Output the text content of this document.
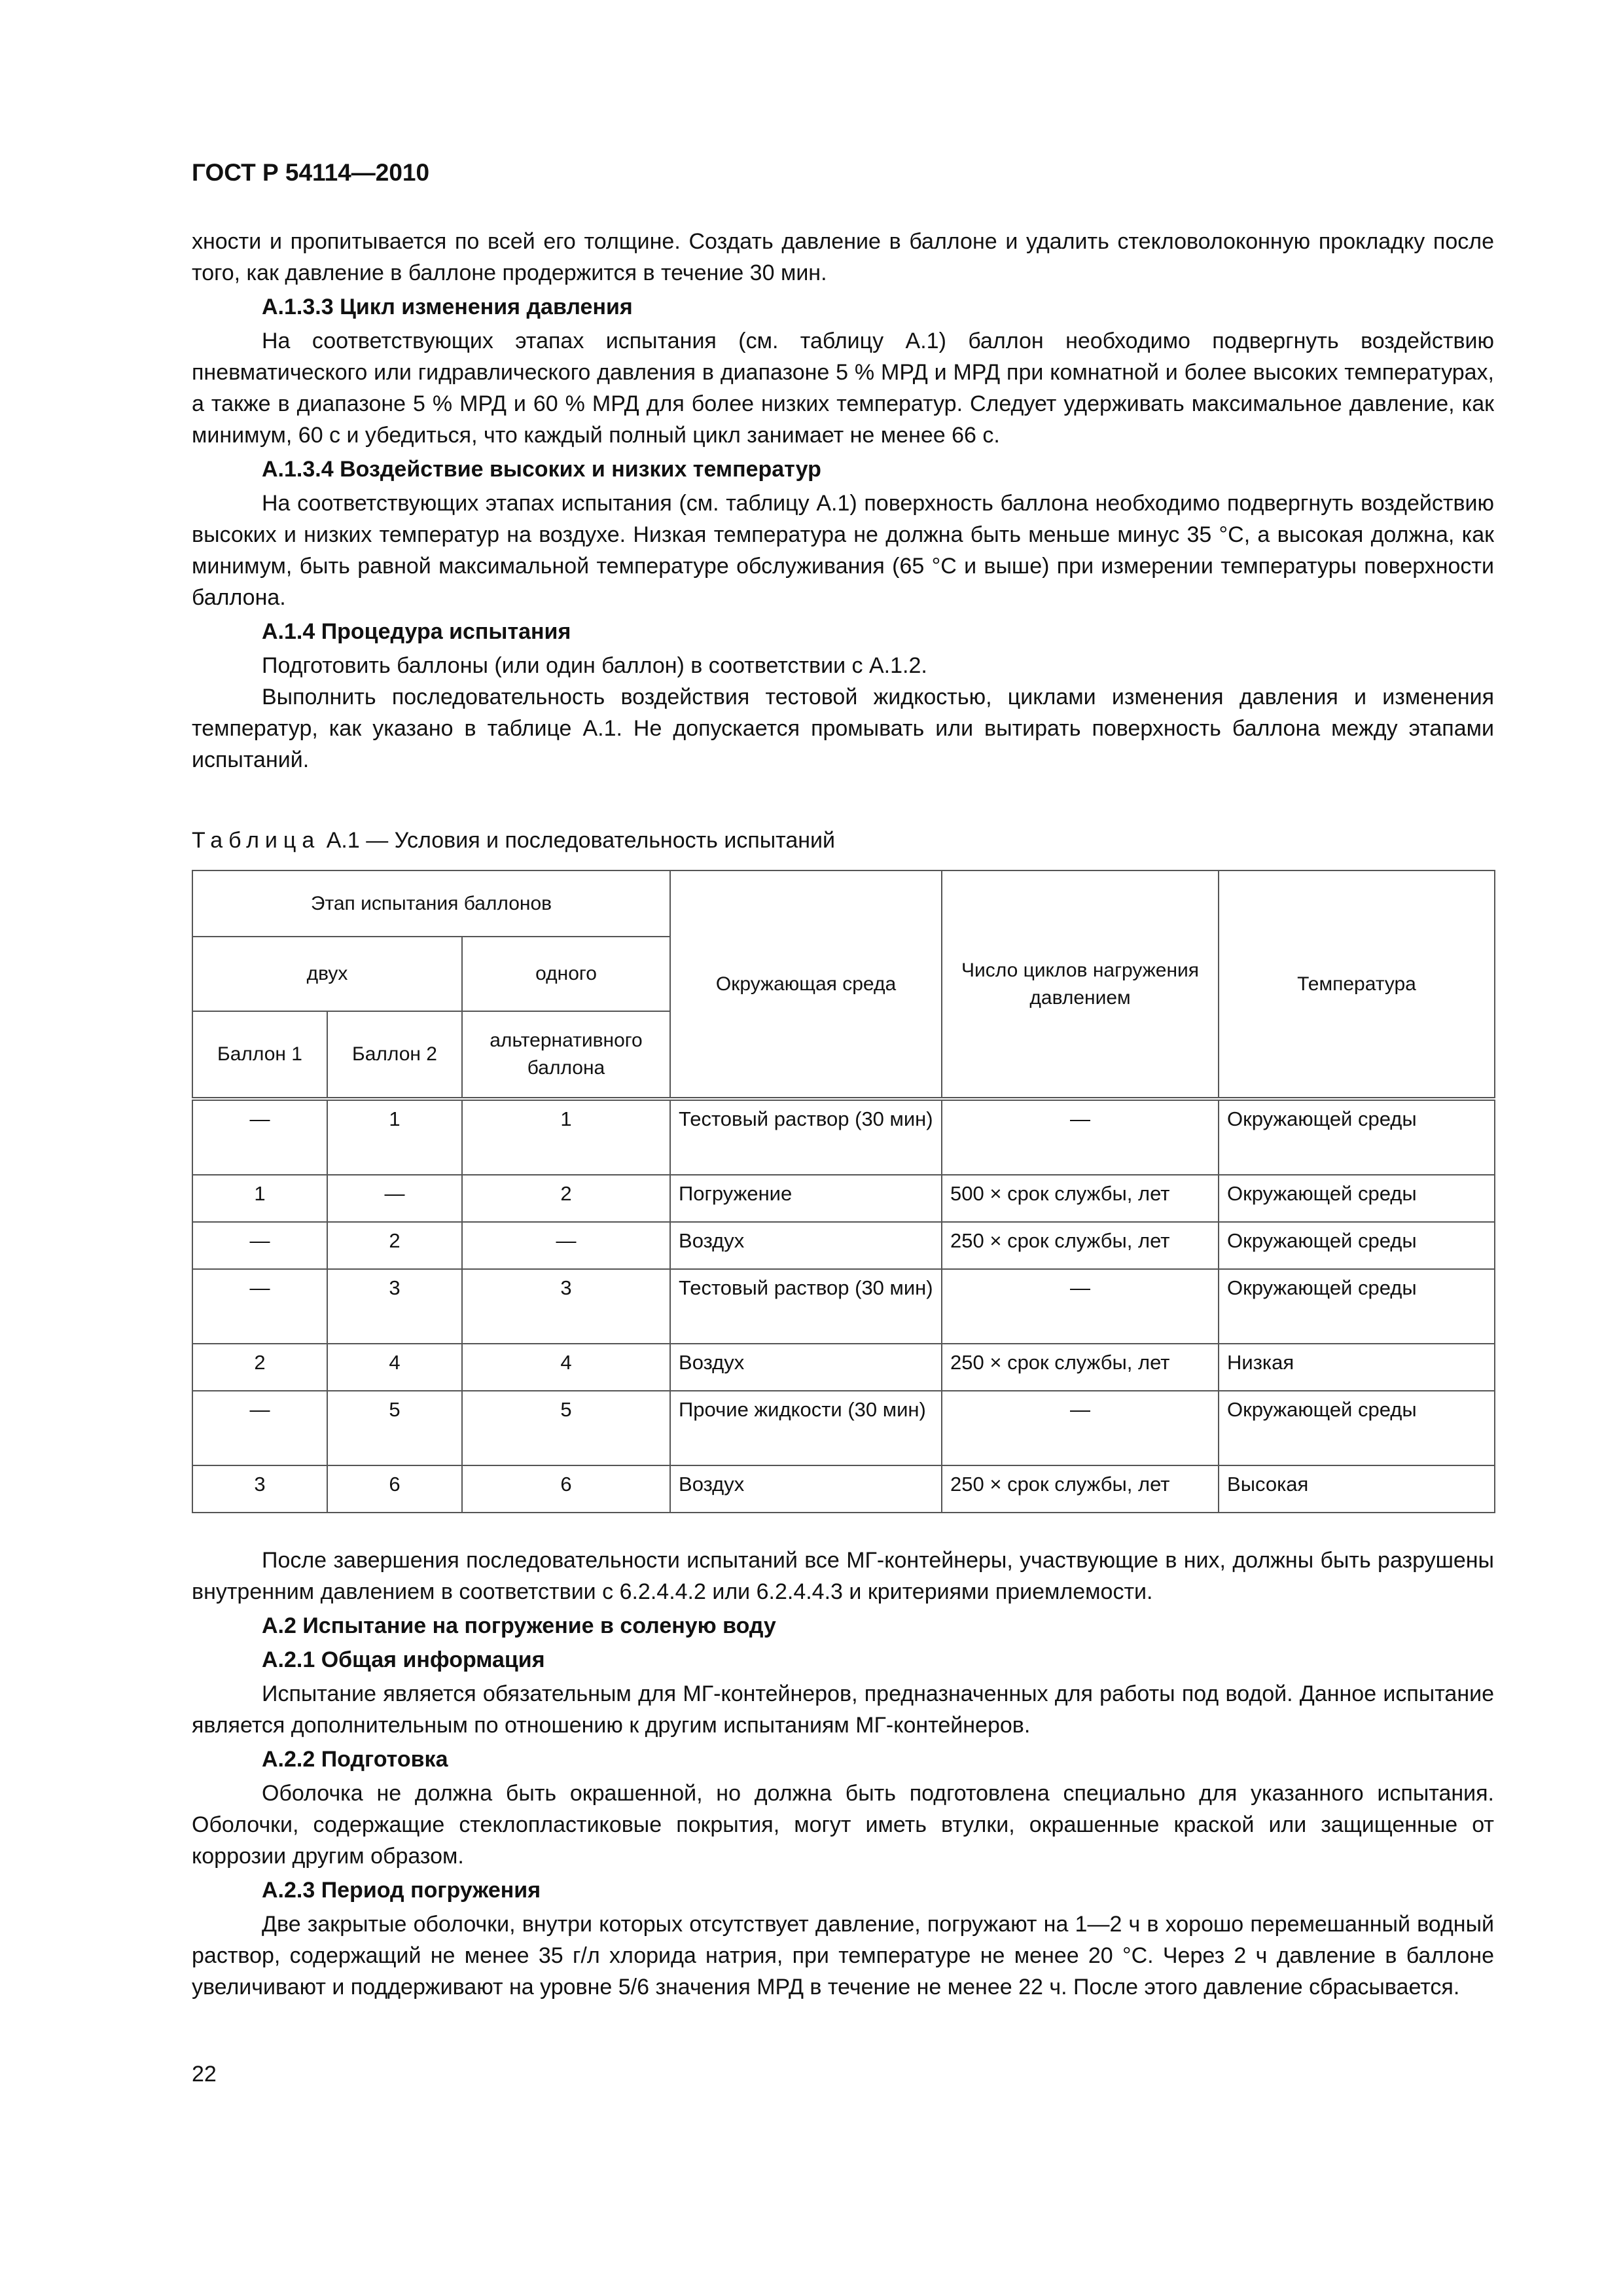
ГОСТ Р 54114—2010

хности и пропитывается по всей его толщине. Создать давление в баллоне и удалить стекловолоконную прокладку после того, как давление в баллоне продержится в течение 30 мин.

А.1.3.3 Цикл изменения давления

На соответствующих этапах испытания (см. таблицу А.1) баллон необходимо подвергнуть воздействию пневматического или гидравлического давления в диапазоне 5 % МРД и МРД при комнатной и более высоких температурах, а также в диапазоне 5 % МРД и 60 % МРД для более низких температур. Следует удерживать максимальное давление, как минимум, 60 с и убедиться, что каждый полный цикл занимает не менее 66 с.

А.1.3.4 Воздействие высоких и низких температур

На соответствующих этапах испытания (см. таблицу А.1) поверхность баллона необходимо подвергнуть воздействию высоких и низких температур на воздухе. Низкая температура не должна быть меньше минус 35 °С, а высокая должна, как минимум, быть равной максимальной температуре обслуживания (65 °С и выше) при измерении температуры поверхности баллона.

А.1.4 Процедура испытания

Подготовить баллоны (или один баллон) в соответствии с А.1.2.

Выполнить последовательность воздействия тестовой жидкостью, циклами изменения давления и изменения температур, как указано в таблице А.1. Не допускается промывать или вытирать поверхность баллона между этапами испытаний.

Таблица А.1 — Условия и последовательность испытаний
Этап испытания баллонов			Окружающая среда	Число циклов нагружения давлением	Температура
двух		одного			
Баллон 1	Баллон 2	альтернативного баллона			
—	1	1	Тестовый раствор (30 мин)	—	Окружающей среды
1	—	2	Погружение	500 × срок службы, лет	Окружающей среды
—	2	—	Воздух	250 × срок службы, лет	Окружающей среды
—	3	3	Тестовый раствор (30 мин)	—	Окружающей среды
2	4	4	Воздух	250 × срок службы, лет	Низкая
—	5	5	Прочие жидкости (30 мин)	—	Окружающей среды
3	6	6	Воздух	250 × срок службы, лет	Высокая

После завершения последовательности испытаний все МГ-контейнеры, участвующие в них, должны быть разрушены внутренним давлением в соответствии с 6.2.4.4.2 или 6.2.4.4.3 и критериями приемлемости.

А.2 Испытание на погружение в соленую воду

А.2.1 Общая информация

Испытание является обязательным для МГ-контейнеров, предназначенных для работы под водой. Данное испытание является дополнительным по отношению к другим испытаниям МГ-контейнеров.

А.2.2 Подготовка

Оболочка не должна быть окрашенной, но должна быть подготовлена специально для указанного испытания. Оболочки, содержащие стеклопластиковые покрытия, могут иметь втулки, окрашенные краской или защищенные от коррозии другим образом.

А.2.3 Период погружения

Две закрытые оболочки, внутри которых отсутствует давление, погружают на 1—2 ч в хорошо перемешанный водный раствор, содержащий не менее 35 г/л хлорида натрия, при температуре не менее 20 °С. Через 2 ч давление в баллоне увеличивают и поддерживают на уровне 5/6 значения МРД в течение не менее 22 ч. После этого давление сбрасывается.

22
